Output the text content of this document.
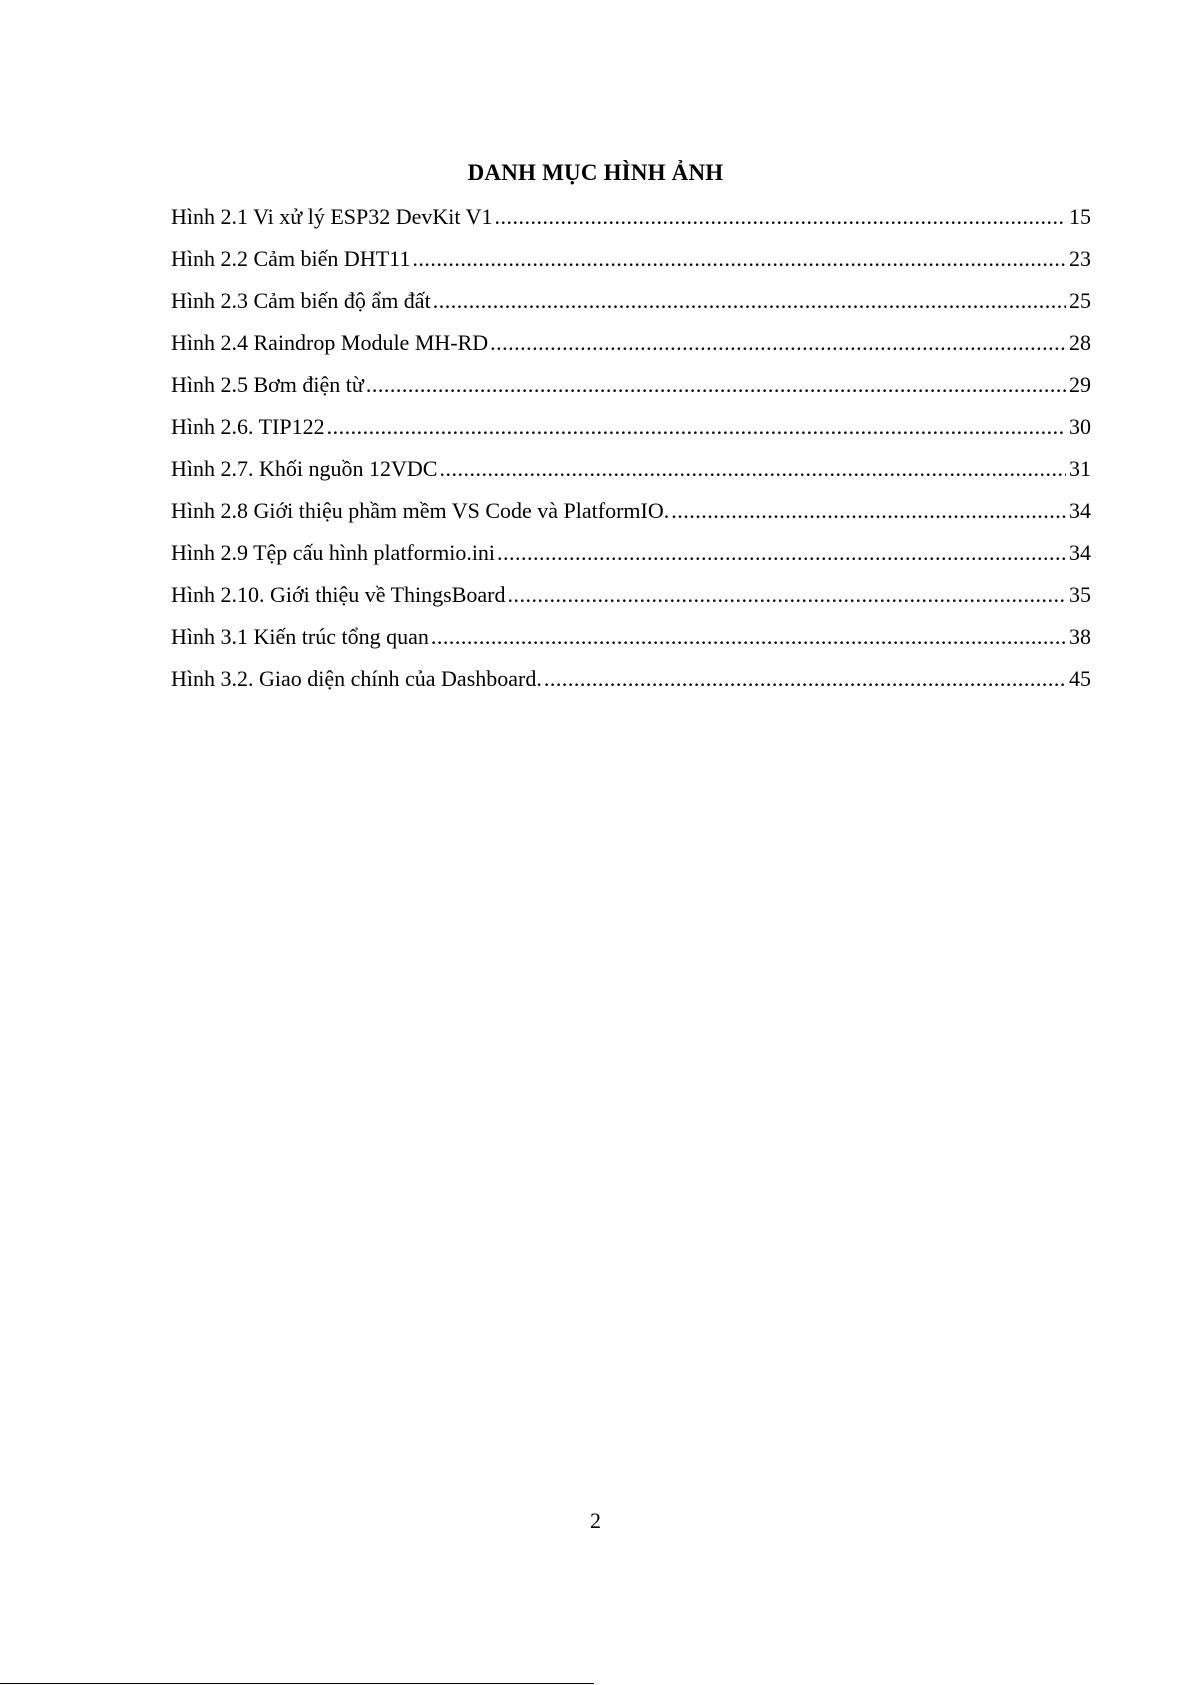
DANH MỤC HÌNH ẢNH
Hình 2.1 Vi xử lý ESP32 DevKit V1 .....	15
Hình 2.2 Cảm biến DHT11 .....	23
Hình 2.3 Cảm biến độ ẩm đất .....	25
Hình 2.4 Raindrop Module MH-RD .....	28
Hình 2.5 Bơm điện từ .....	29
Hình 2.6. TIP122 .....	30
Hình 2.7. Khối nguồn 12VDC .....	31
Hình 2.8 Giới thiệu phầm mềm VS Code và PlatformIO. .....	34
Hình 2.9 Tệp cấu hình platformio.ini .....	34
Hình 2.10. Giới thiệu về ThingsBoard .....	35
Hình 3.1 Kiến trúc tổng quan .....	38
Hình 3.2. Giao diện chính của Dashboard. .....	45
2
